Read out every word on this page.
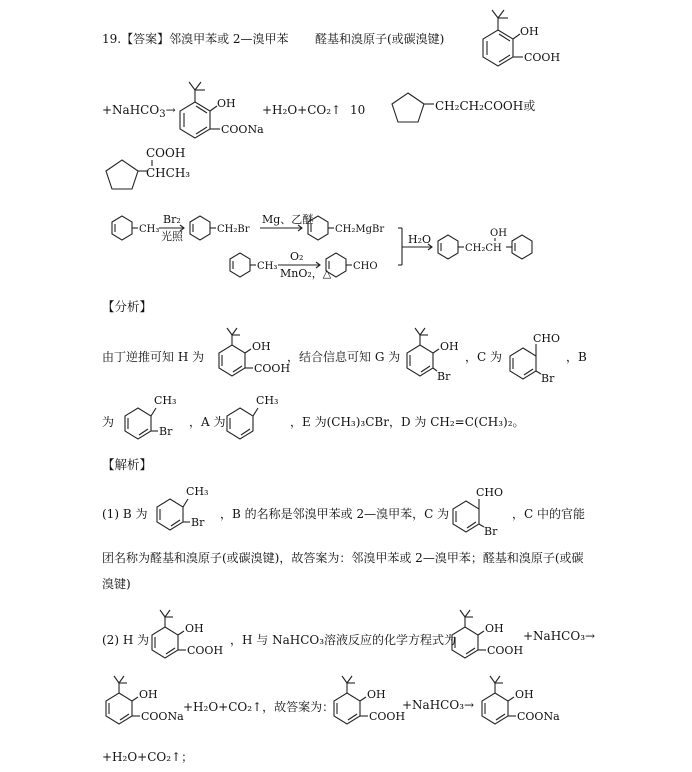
19.【答案】邻溴甲苯或 2—溴甲苯 醛基和溴原子(或碳溴键)
OH
COOH
+NaHCO$_3$→	OH
COONa
+H₂O+CO₂↑ 10	CH₂CH₂COOH或
COOH
CHCH₃
CH₃
Br₂
光照
CH₂Br
Mg、乙醚
CH₂MgBr
H₂O
CH₃
O₂
MnO₂，△
CHO
CH₂CH
OH
【分析】
由丁逆推可知 H 为
OH
COOH
，结合信息可知 G 为
OH
Br
，C 为
CHO
Br
，B
为
CH₃
Br
，A 为
CH₃
，E 为(CH₃)₃CBr，D 为 CH₂=C(CH₃)₂。
【解析】
(1) B 为
CH₃
Br
，B 的名称是邻溴甲苯或 2—溴甲苯，C 为
CHO
Br
，C 中的官能
团名称为醛基和溴原子(或碳溴键)，故答案为：邻溴甲苯或 2—溴甲苯；醛基和溴原子(或碳
溴键)
(2) H 为
OH
COOH
，H 与 NaHCO₃溶液反应的化学方程式为
OH
COOH
+NaHCO₃→
OH
COONa
+H₂O+CO₂↑，故答案为：
OH
COOH
+NaHCO₃→
OH
COONa
+H₂O+CO₂↑；
